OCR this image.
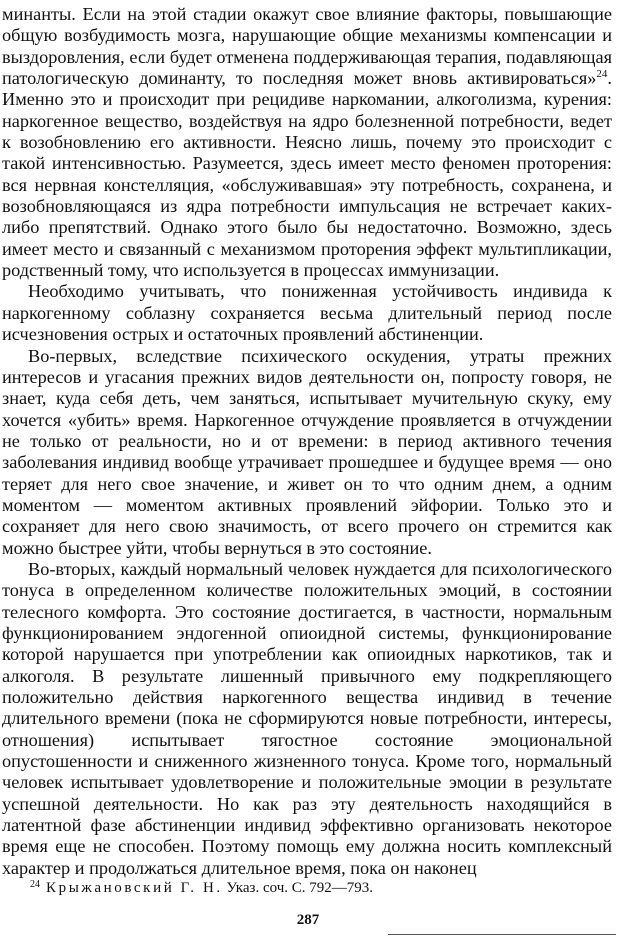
минанты. Если на этой стадии окажут свое влияние факторы, повышающие общую возбудимость мозга, нарушающие общие механизмы компенсации и выздоровления, если будет отменена поддерживающая терапия, подавляющая патологическую доминанту, то последняя может вновь активироваться»$^{24}$. Именно это и происходит при рецидиве наркомании, алкоголизма, курения: наркогенное вещество, воздействуя на ядро болезненной потребности, ведет к возобновлению его активности. Неясно лишь, почему это происходит с такой интенсивностью. Разумеется, здесь имеет место феномен проторения: вся нервная констелляция, «обслуживавшая» эту потребность, сохранена, и возобновляющаяся из ядра потребности импульсация не встречает каких-либо препятствий. Однако этого было бы недостаточно. Возможно, здесь имеет место и связанный с механизмом проторения эффект мультипликации, родственный тому, что используется в процессах иммунизации.

Необходимо учитывать, что пониженная устойчивость индивида к наркогенному соблазну сохраняется весьма длительный период после исчезновения острых и остаточных проявлений абстиненции.

Во-первых, вследствие психического оскудения, утраты прежних интересов и угасания прежних видов деятельности он, попросту говоря, не знает, куда себя деть, чем заняться, испытывает мучительную скуку, ему хочется «убить» время. Наркогенное отчуждение проявляется в отчуждении не только от реальности, но и от времени: в период активного течения заболевания индивид вообще утрачивает прошедшее и будущее время — оно теряет для него свое значение, и живет он то что одним днем, а одним моментом — моментом активных проявлений эйфории. Только это и сохраняет для него свою значимость, от всего прочего он стремится как можно быстрее уйти, чтобы вернуться в это состояние.

Во-вторых, каждый нормальный человек нуждается для психологического тонуса в определенном количестве положительных эмоций, в состоянии телесного комфорта. Это состояние достигается, в частности, нормальным функционированием эндогенной опиоидной системы, функционирование которой нарушается при употреблении как опиоидных наркотиков, так и алкоголя. В результате лишенный привычного ему подкрепляющего положительно действия наркогенного вещества индивид в течение длительного времени (пока не сформируются новые потребности, интересы, отношения) испытывает тягостное состояние эмоциональной опустошенности и сниженного жизненного тонуса. Кроме того, нормальный человек испытывает удовлетворение и положительные эмоции в результате успешной деятельности. Но как раз эту деятельность находящийся в латентной фазе абстиненции индивид эффективно организовать некоторое время еще не способен. Поэтому помощь ему должна носить комплексный характер и продолжаться длительное время, пока он наконец

$^{24}$ Крыжановский Г. Н. Указ. соч. С. 792—793.
287
